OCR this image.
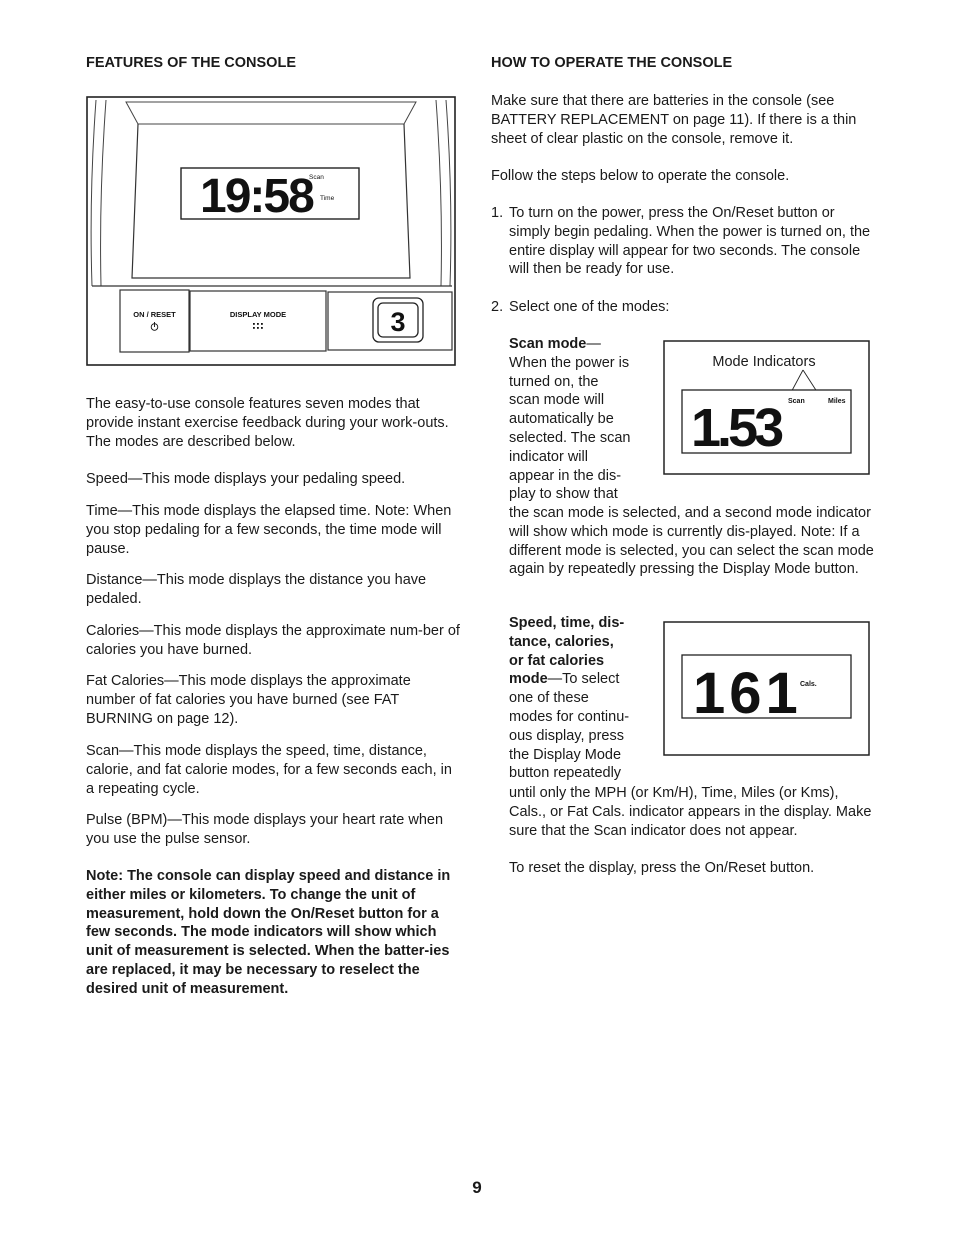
FEATURES OF THE CONSOLE
19:58
Scan
Time
ON / RESET	DISPLAY MODE	3

The easy-to-use console features seven modes that provide instant exercise feedback during your work-outs. The modes are described below.

Speed—This mode displays your pedaling speed.

Time—This mode displays the elapsed time. Note: When you stop pedaling for a few seconds, the time mode will pause.

Distance—This mode displays the distance you have pedaled.

Calories—This mode displays the approximate num-ber of calories you have burned.

Fat Calories—This mode displays the approximate number of fat calories you have burned (see FAT BURNING on page 12).

Scan—This mode displays the speed, time, distance, calorie, and fat calorie modes, for a few seconds each, in a repeating cycle.

Pulse (BPM)—This mode displays your heart rate when you use the pulse sensor.

Note: The console can display speed and distance in either miles or kilometers. To change the unit of measurement, hold down the On/Reset button for a few seconds. The mode indicators will show which unit of measurement is selected. When the batter-ies are replaced, it may be necessary to reselect the desired unit of measurement.

HOW TO OPERATE THE CONSOLE

Make sure that there are batteries in the console (see BATTERY REPLACEMENT on page 11). If there is a thin sheet of clear plastic on the console, remove it.

Follow the steps below to operate the console.

1. To turn on the power, press the On/Reset button or simply begin pedaling. When the power is turned on, the entire display will appear for two seconds. The console will then be ready for use.

2. Select one of the modes:

Scan mode—
When the power is
turned on, the
scan mode will
automatically be
selected. The scan
indicator will
appear in the dis-
play to show that

the scan mode is selected, and a second mode indicator will show which mode is currently dis-played. Note: If a different mode is selected, you can select the scan mode again by repeatedly pressing the Display Mode button.

Mode Indicators
1.53	Scan	Miles
Speed, time, dis-
tance, calories,
or fat calories
mode—To select
one of these
modes for continu-
ous display, press
the Display Mode
button repeatedly

until only the MPH (or Km/H), Time, Miles (or Kms), Cals., or Fat Cals. indicator appears in the display. Make sure that the Scan indicator does not appear.

161
Cals.

To reset the display, press the On/Reset button.

9
